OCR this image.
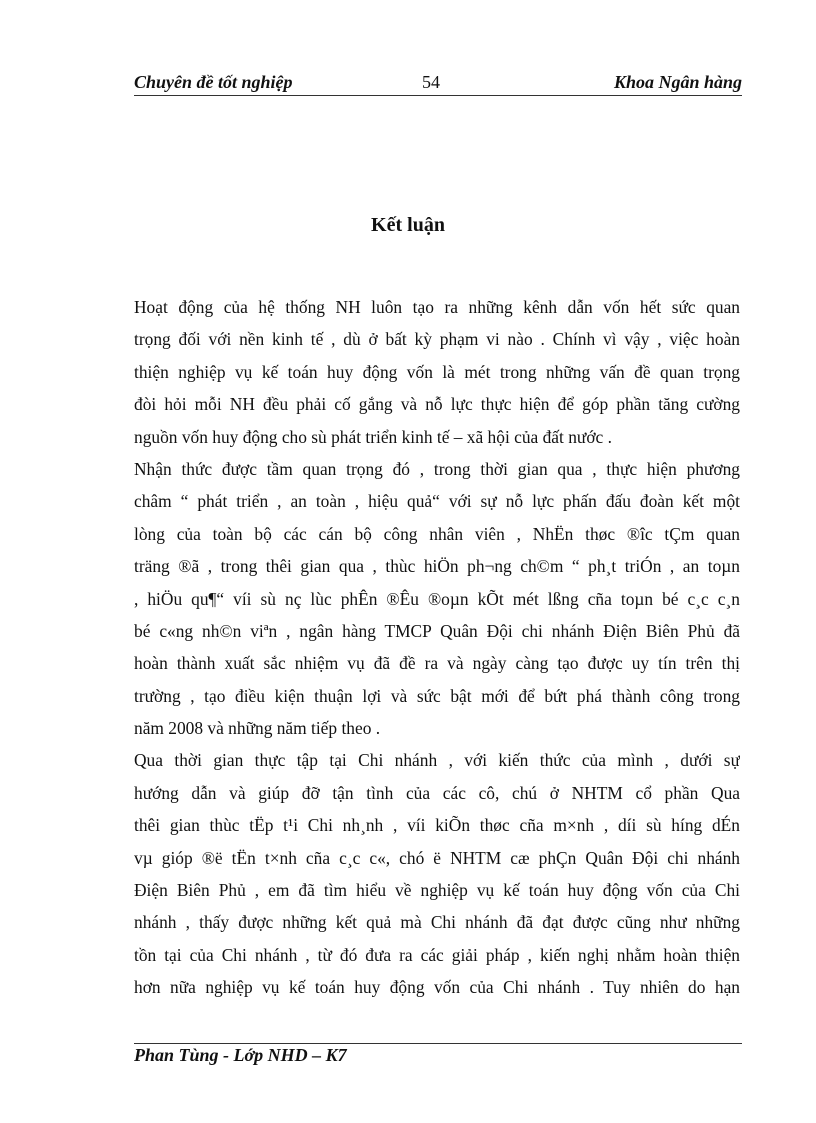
Chuyên đề tốt nghiệp	54	Khoa Ngân hàng
Kết luận
Hoạt động của hệ thống NH luôn tạo ra những kênh dẫn vốn hết sức quan
trọng đối với nền kinh tế , dù ở bất kỳ phạm vi nào . Chính vì vậy , việc hoàn
thiện nghiệp vụ kế toán huy động vốn là mét trong những vấn đề quan trọng
đòi hỏi mỗi NH đều phải cố gắng và nỗ lực thực hiện để góp phần tăng cường
nguồn vốn huy động cho sù phát triển kinh tế – xã hội của đất nước .
Nhận thức được tầm quan trọng đó , trong thời gian qua , thực hiện phương
châm “ phát triển , an toàn , hiệu quả“ với sự nỗ lực phấn đấu đoàn kết một
lòng của toàn bộ các cán bộ công nhân viên , NhËn thøc ®îc tÇm quan
träng ®ã , trong thêi gian qua , thùc hiÖn ph¬ng ch©m “ ph¸t triÓn , an toµn
, hiÖu qu¶“ víi sù nç lùc phÊn ®Êu ®oµn kÕt mét lßng cña toµn bé c¸c c¸n
bé c«ng nh©n viªn , ngân hàng TMCP Quân Đội chi nhánh Điện Biên Phủ đã
hoàn thành xuất sắc nhiệm vụ đã đề ra và ngày càng tạo được uy tín trên thị
trường , tạo điều kiện thuận lợi và sức bật mới để bứt phá thành công trong
năm 2008 và những năm tiếp theo .
Qua thời gian thực tập tại Chi nhánh , với kiến thức của mình , dưới sự
hướng dẫn và giúp đỡ tận tình của các cô, chú ở NHTM cổ phần Qua
thêi gian thùc tËp t¹i Chi nh¸nh , víi kiÕn thøc cña m×nh , díi sù híng dÉn
vµ gióp ®ë tËn t×nh cña c¸c c«, chó ë NHTM cæ phÇn Quân Đội chi nhánh
Điện Biên Phủ , em đã tìm hiểu về nghiệp vụ kế toán huy động vốn của Chi
nhánh , thấy được những kết quả mà Chi nhánh đã đạt được cũng như những
tồn tại của Chi nhánh , từ đó đưa ra các giải pháp , kiến nghị nhằm hoàn thiện
hơn nữa nghiệp vụ kế toán huy động vốn của Chi nhánh . Tuy nhiên do hạn
Phan Tùng - Lớp NHD – K7
